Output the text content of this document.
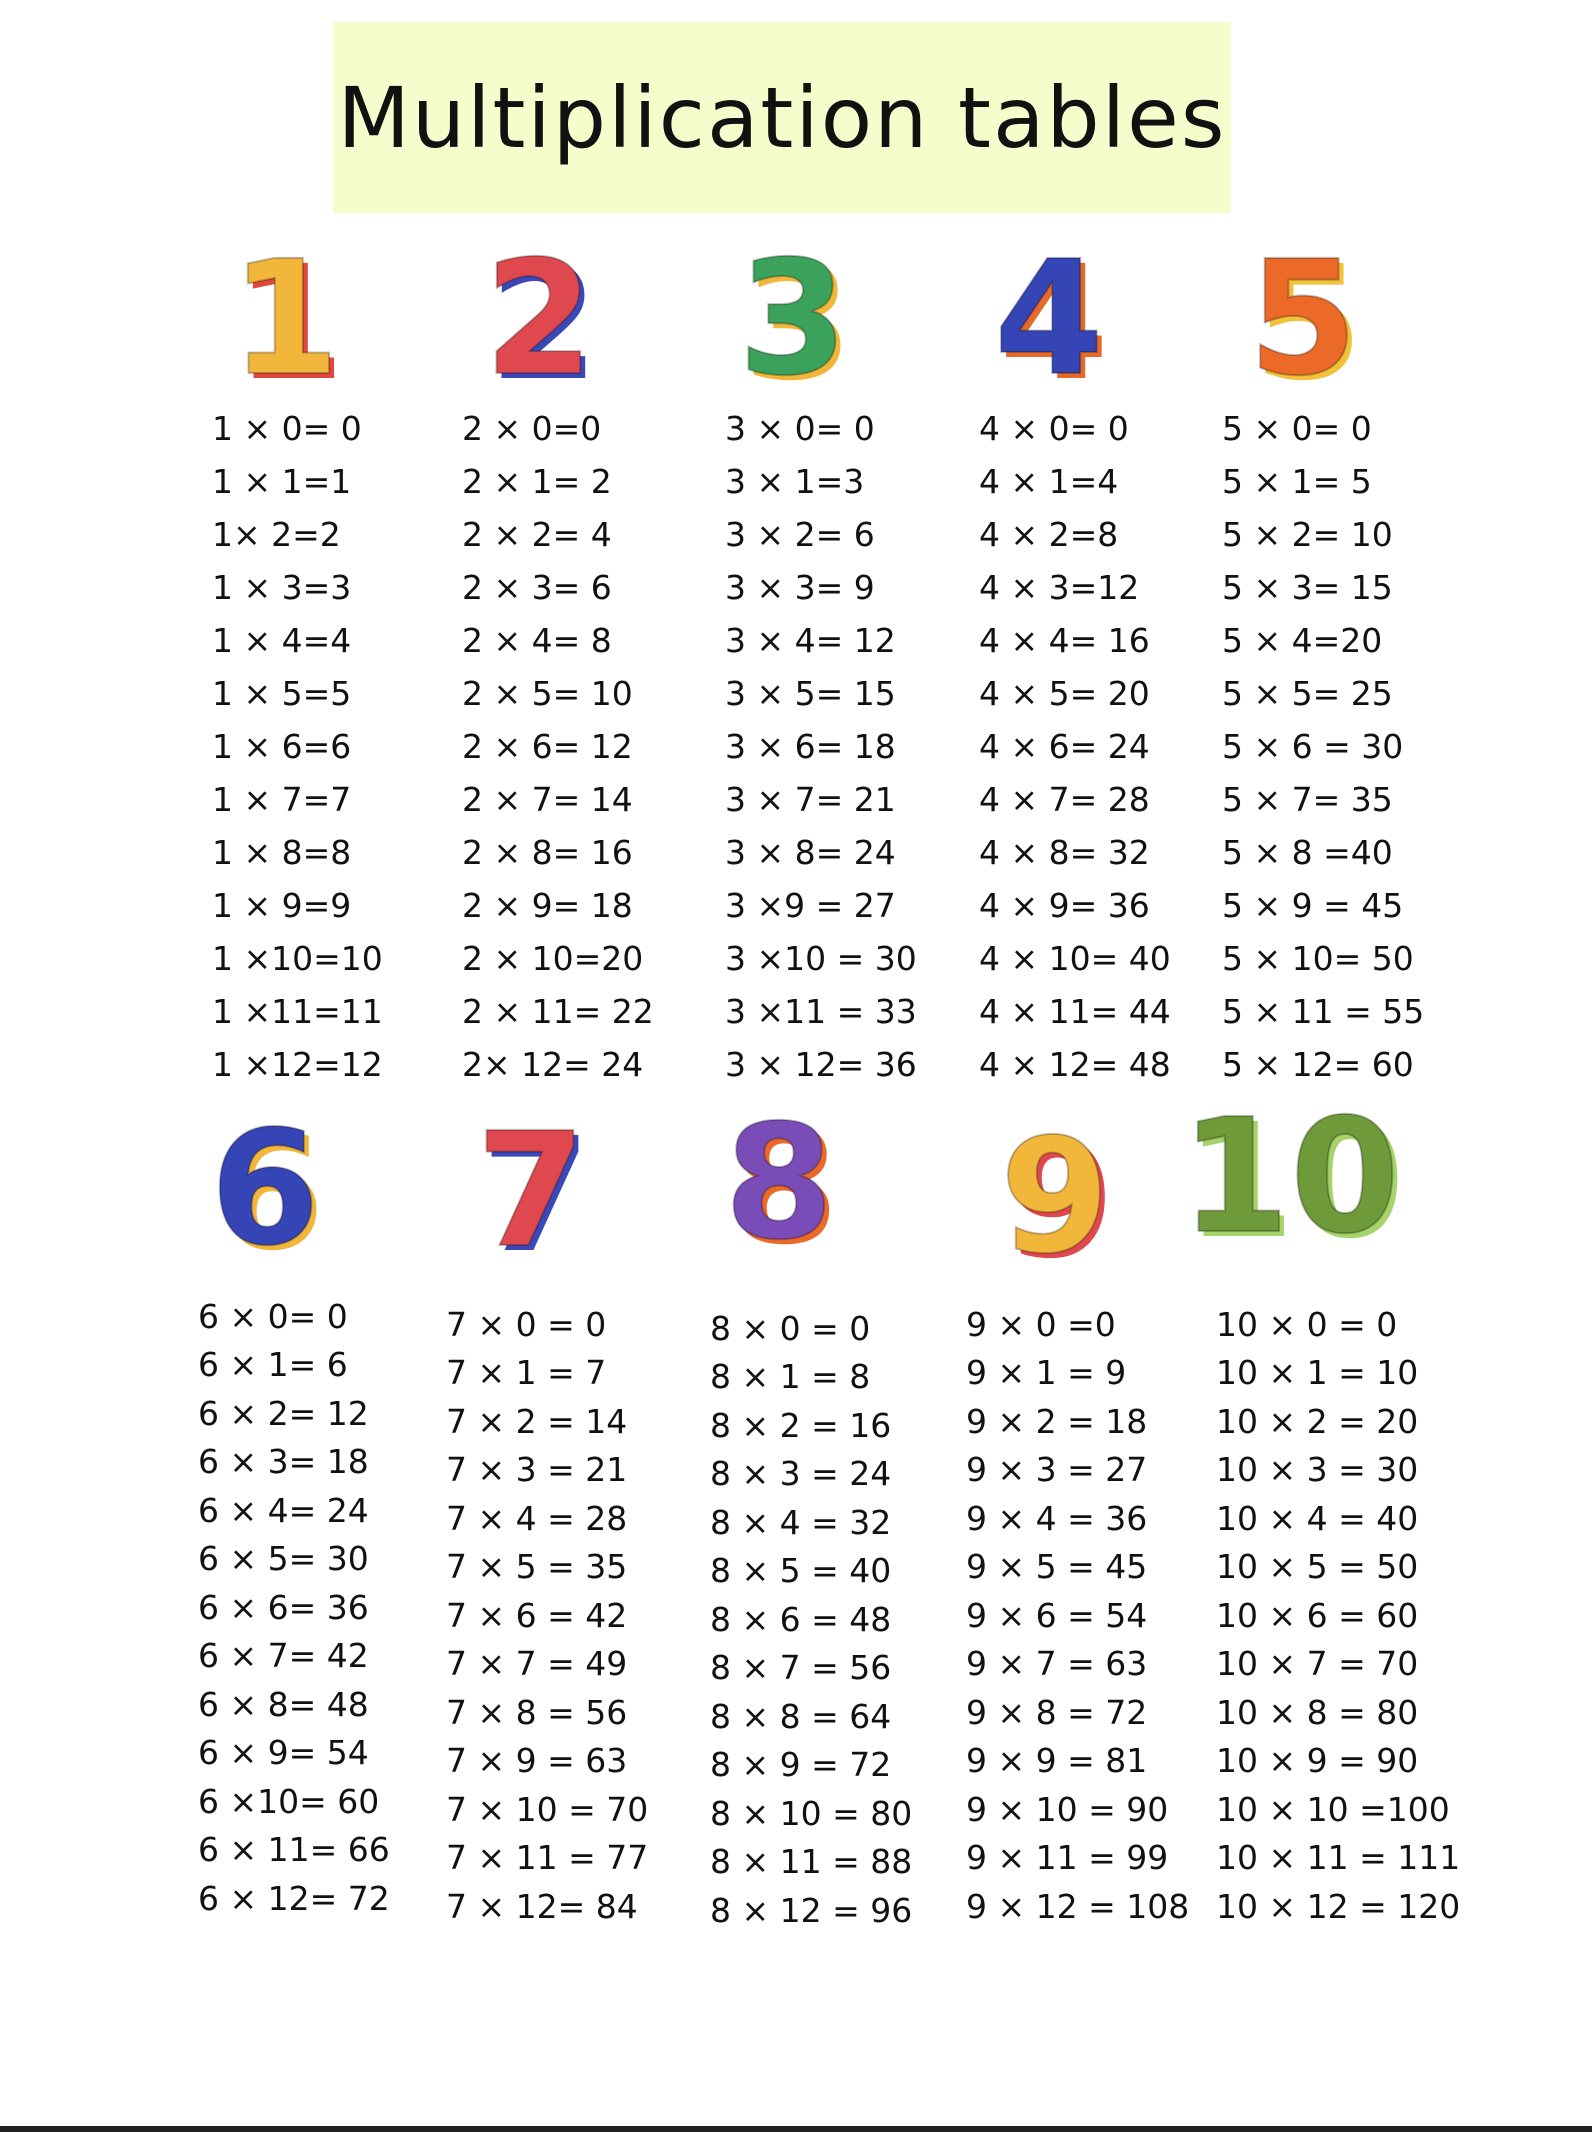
Multiplication tables
1
1 × 0= 0
1 × 1=1
1× 2=2
1 × 3=3
1 × 4=4
1 × 5=5
1 × 6=6
1 × 7=7
1 × 8=8
1 × 9=9
1 ×10=10
1 ×11=11
1 ×12=12
2
2 × 0=0
2 × 1= 2
2 × 2= 4
2 × 3= 6
2 × 4= 8
2 × 5= 10
2 × 6= 12
2 × 7= 14
2 × 8= 16
2 × 9= 18
2 × 10=20
2 × 11= 22
2× 12= 24
3
3 × 0= 0
3 × 1=3
3 × 2= 6
3 × 3= 9
3 × 4= 12
3 × 5= 15
3 × 6= 18
3 × 7= 21
3 × 8= 24
3 ×9 = 27
3 ×10 = 30
3 ×11 = 33
3 × 12= 36
4
4 × 0= 0
4 × 1=4
4 × 2=8
4 × 3=12
4 × 4= 16
4 × 5= 20
4 × 6= 24
4 × 7= 28
4 × 8= 32
4 × 9= 36
4 × 10= 40
4 × 11= 44
4 × 12= 48
5
5 × 0= 0
5 × 1= 5
5 × 2= 10
5 × 3= 15
5 × 4=20
5 × 5= 25
5 × 6 = 30
5 × 7= 35
5 × 8 =40
5 × 9 = 45
5 × 10= 50
5 × 11 = 55
5 × 12= 60
6
6 × 0= 0
6 × 1= 6
6 × 2= 12
6 × 3= 18
6 × 4= 24
6 × 5= 30
6 × 6= 36
6 × 7= 42
6 × 8= 48
6 × 9= 54
6 ×10= 60
6 × 11= 66
6 × 12= 72
7
7 × 0 = 0
7 × 1 = 7
7 × 2 = 14
7 × 3 = 21
7 × 4 = 28
7 × 5 = 35
7 × 6 = 42
7 × 7 = 49
7 × 8 = 56
7 × 9 = 63
7 × 10 = 70
7 × 11 = 77
7 × 12= 84
8
8 × 0 = 0
8 × 1 = 8
8 × 2 = 16
8 × 3 = 24
8 × 4 = 32
8 × 5 = 40
8 × 6 = 48
8 × 7 = 56
8 × 8 = 64
8 × 9 = 72
8 × 10 = 80
8 × 11 = 88
8 × 12 = 96
9
9 × 0 =0
9 × 1 = 9
9 × 2 = 18
9 × 3 = 27
9 × 4 = 36
9 × 5 = 45
9 × 6 = 54
9 × 7 = 63
9 × 8 = 72
9 × 9 = 81
9 × 10 = 90
9 × 11 = 99
9 × 12 = 108
10
10 × 0 = 0
10 × 1 = 10
10 × 2 = 20
10 × 3 = 30
10 × 4 = 40
10 × 5 = 50
10 × 6 = 60
10 × 7 = 70
10 × 8 = 80
10 × 9 = 90
10 × 10 =100
10 × 11 = 111
10 × 12 = 120
